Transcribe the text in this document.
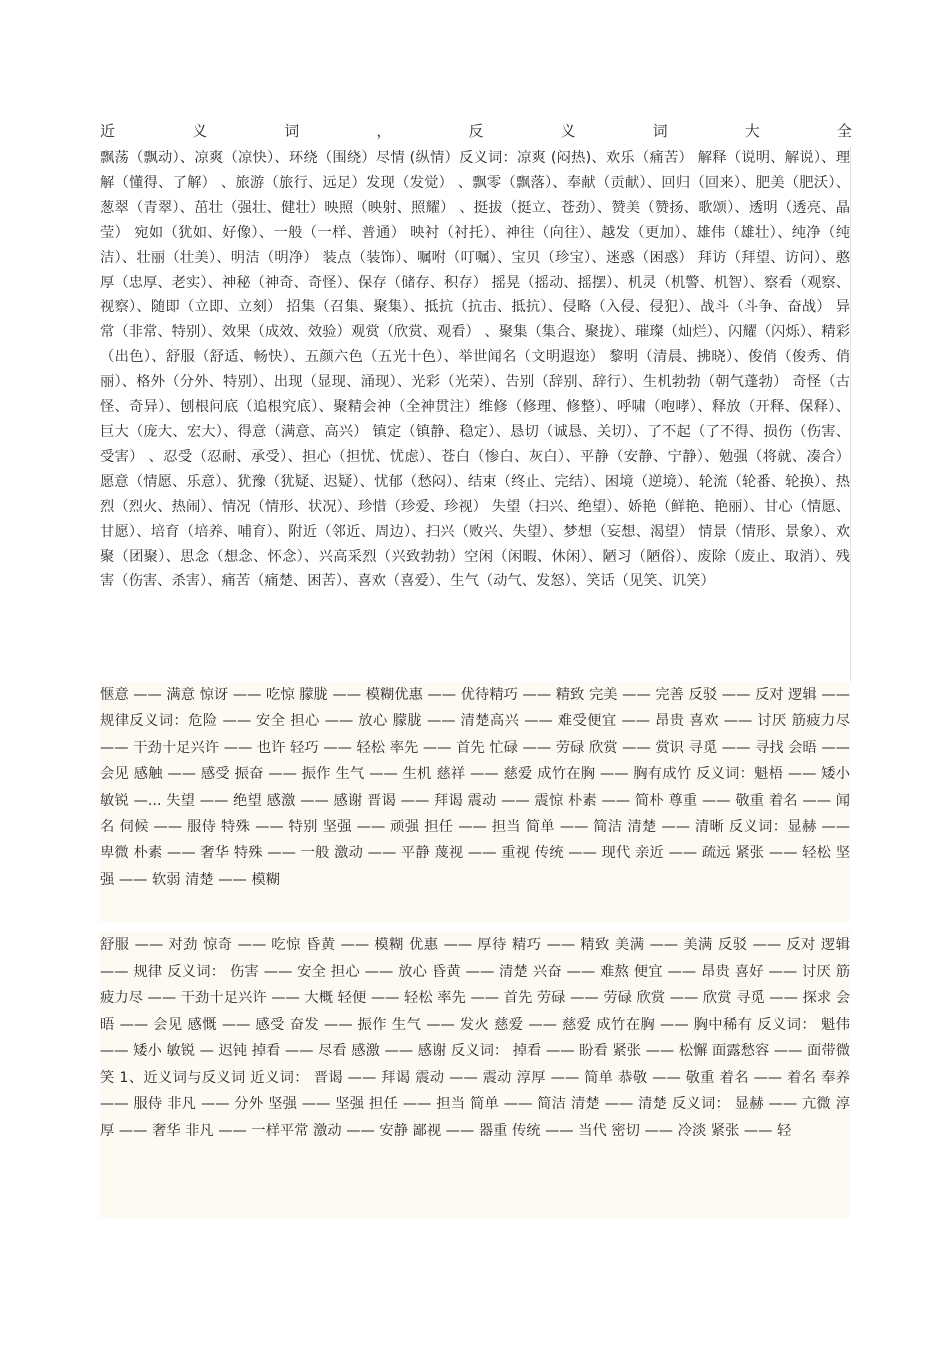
近	义	词	，	反	义	词	大	全

飘荡（飘动）、凉爽（凉快）、环绕（围绕）尽情 (纵情）反义词：凉爽 (闷热)、欢乐（痛苦） 解释（说明、解说）、理解（懂得、了解） 、旅游（旅行、远足）发现（发觉） 、飘零（飘落）、奉献（贡献）、回归（回来）、肥美（肥沃）、葱翠（青翠）、茁壮（强壮、健壮）映照（映射、照耀） 、挺拔（挺立、苍劲）、赞美（赞扬、歌颂）、透明（透亮、晶莹） 宛如（犹如、好像）、一般（一样、普通） 映衬（衬托）、神往（向往）、越发（更加）、雄伟（雄壮）、纯净（纯洁）、壮丽（壮美）、明洁（明净） 装点（装饰）、嘱咐（叮嘱）、宝贝（珍宝）、迷惑（困惑） 拜访（拜望、访问）、憨厚（忠厚、老实）、神秘（神奇、奇怪）、保存（储存、积存） 摇晃（摇动、摇摆）、机灵（机警、机智）、察看（观察、视察）、随即（立即、立刻） 招集（召集、聚集）、抵抗（抗击、抵抗）、侵略（入侵、侵犯）、战斗（斗争、奋战） 异常（非常、特别）、效果（成效、效验）观赏（欣赏、观看） 、聚集（集合、聚拢）、璀璨（灿烂）、闪耀（闪烁）、精彩（出色）、舒服（舒适、畅快）、五颜六色（五光十色）、举世闻名（文明遐迩） 黎明（清晨、拂晓）、俊俏（俊秀、俏丽）、格外（分外、特别）、出现（显现、涌现）、光彩（光荣）、告别（辞别、辞行）、生机勃勃（朝气蓬勃） 奇怪（古怪、奇异）、刨根问底（追根究底）、聚精会神（全神贯注）维修（修理、修整）、呼啸（咆哮）、释放（开释、保释）、巨大（庞大、宏大）、得意（满意、高兴） 镇定（镇静、稳定）、恳切（诚恳、关切）、了不起（了不得、损伤（伤害、受害） 、忍受（忍耐、承受）、担心（担忧、忧虑）、苍白（惨白、灰白）、平静（安静、宁静）、勉强（将就、凑合） 愿意（情愿、乐意）、犹豫（犹疑、迟疑）、忧郁（愁闷）、结束（终止、完结）、困境（逆境）、轮流（轮番、轮换）、热烈（烈火、热闹）、情况（情形、状况）、珍惜（珍爱、珍视） 失望（扫兴、绝望）、娇艳（鲜艳、艳丽）、甘心（情愿、甘愿）、培育（培养、哺育）、附近（邻近、周边）、扫兴（败兴、失望）、梦想（妄想、渴望） 情景（情形、景象）、欢聚（团聚）、思念（想念、怀念）、兴高采烈（兴致勃勃）空闲（闲暇、休闲）、陋习（陋俗）、废除（废止、取消）、残害（伤害、杀害）、痛苦（痛楚、困苦）、喜欢（喜爱）、生气（动气、发怒）、笑话（见笑、讥笑）

惬意 —— 满意 惊讶 —— 吃惊 朦胧 —— 模糊优惠 —— 优待精巧 —— 精致 完美 —— 完善 反驳 —— 反对 逻辑 —— 规律反义词：危险 —— 安全 担心 —— 放心 朦胧 —— 清楚高兴 —— 难受便宜 —— 昂贵 喜欢 —— 讨厌 筋疲力尽 —— 干劲十足兴许 —— 也许 轻巧 —— 轻松 率先 —— 首先 忙碌 —— 劳碌 欣赏 —— 赏识 寻觅 —— 寻找 会晤 —— 会见 感触 —— 感受 振奋 —— 振作 生气 —— 生机 慈祥 —— 慈爱 成竹在胸 —— 胸有成竹 反义词：魁梧 —— 矮小 敏锐 —... 失望 —— 绝望 感激 —— 感谢 晋谒 —— 拜谒 震动 —— 震惊 朴素 —— 简朴 尊重 —— 敬重 着名 —— 闻名 伺候 —— 服侍 特殊 —— 特别 坚强 —— 顽强 担任 —— 担当 简单 —— 简洁 清楚 —— 清晰 反义词：显赫 —— 卑微 朴素 —— 奢华 特殊 —— 一般 激动 —— 平静 蔑视 —— 重视 传统 —— 现代 亲近 —— 疏远 紧张 —— 轻松 坚强 —— 软弱 清楚 —— 模糊

舒服 —— 对劲 惊奇 —— 吃惊 昏黄 —— 模糊 优惠 —— 厚待 精巧 —— 精致 美满 —— 美满 反驳 —— 反对 逻辑 —— 规律 反义词： 伤害 —— 安全 担心 —— 放心 昏黄 —— 清楚 兴奋 —— 难熬 便宜 —— 昂贵 喜好 —— 讨厌 筋疲力尽 —— 干劲十足兴许 —— 大概 轻便 —— 轻松 率先 —— 首先 劳碌 —— 劳碌 欣赏 —— 欣赏 寻觅 —— 探求 会晤 —— 会见 感慨 —— 感受 奋发 —— 振作 生气 —— 发火 慈爱 —— 慈爱 成竹在胸 —— 胸中稀有 反义词： 魁伟 —— 矮小 敏锐 — 迟钝 掉看 —— 尽看 感激 —— 感谢 反义词： 掉看 —— 盼看 紧张 —— 松懈 面露愁容 —— 面带微笑 1、近义词与反义词 近义词： 晋谒 —— 拜谒 震动 —— 震动 淳厚 —— 简单 恭敬 —— 敬重 着名 —— 着名 奉养 —— 服侍 非凡 —— 分外 坚强 —— 坚强 担任 —— 担当 简单 —— 简洁 清楚 —— 清楚 反义词： 显赫 —— 亢微 淳厚 —— 奢华 非凡 —— 一样平常 激动 —— 安静 鄙视 —— 器重 传统 —— 当代 密切 —— 冷淡 紧张 —— 轻
